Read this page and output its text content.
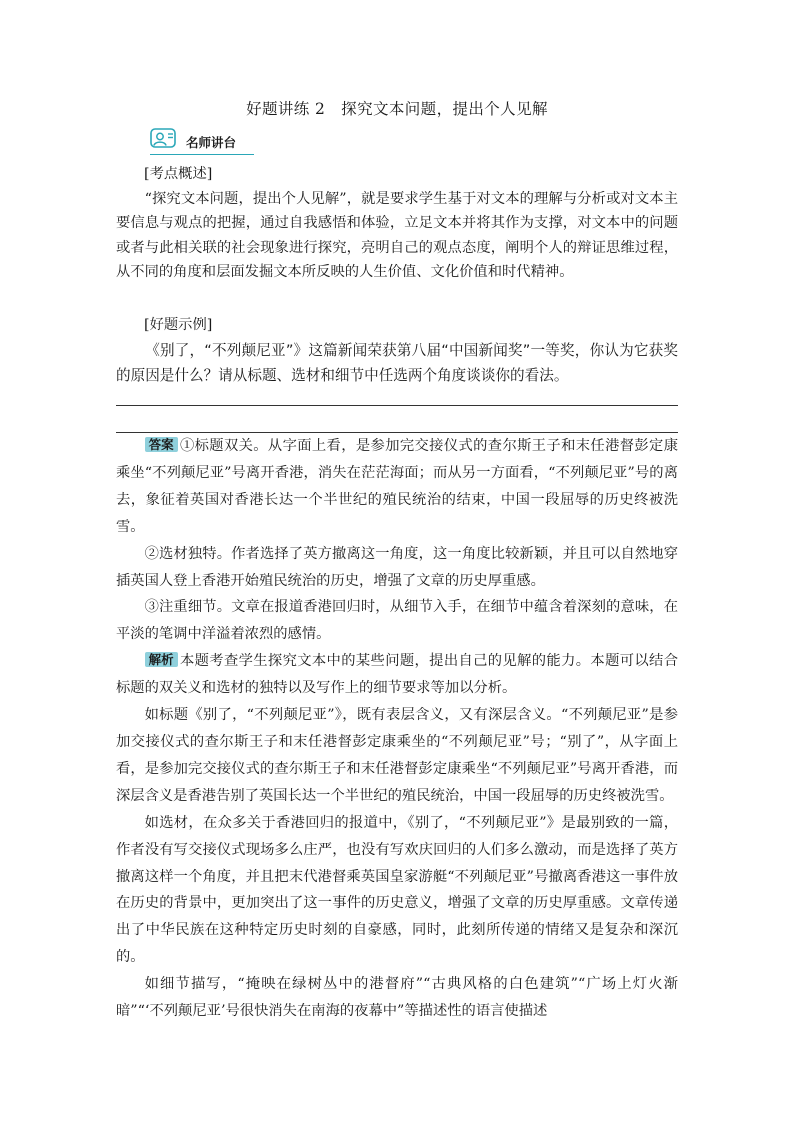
好题讲练 2　探究文本问题，提出个人见解
名师讲台

[考点概述]

“探究文本问题，提出个人见解”，就是要求学生基于对文本的理解与分析或对文本主要信息与观点的把握，通过自我感悟和体验，立足文本并将其作为支撑，对文本中的问题或者与此相关联的社会现象进行探究，亮明自己的观点态度，阐明个人的辩证思维过程，从不同的角度和层面发掘文本所反映的人生价值、文化价值和时代精神。

[好题示例]

《别了，“不列颠尼亚”》这篇新闻荣获第八届“中国新闻奖”一等奖，你认为它获奖的原因是什么？请从标题、选材和细节中任选两个角度谈谈你的看法。

答案 ①标题双关。从字面上看，是参加完交接仪式的查尔斯王子和末任港督彭定康乘坐“不列颠尼亚”号离开香港，消失在茫茫海面；而从另一方面看，“不列颠尼亚”号的离去，象征着英国对香港长达一个半世纪的殖民统治的结束，中国一段屈辱的历史终被洗雪。

②选材独特。作者选择了英方撤离这一角度，这一角度比较新颖，并且可以自然地穿插英国人登上香港开始殖民统治的历史，增强了文章的历史厚重感。

③注重细节。文章在报道香港回归时，从细节入手，在细节中蕴含着深刻的意味，在平淡的笔调中洋溢着浓烈的感情。

解析 本题考查学生探究文本中的某些问题，提出自己的见解的能力。本题可以结合标题的双关义和选材的独特以及写作上的细节要求等加以分析。

如标题《别了，“不列颠尼亚”》，既有表层含义，又有深层含义。“不列颠尼亚”是参加交接仪式的查尔斯王子和末任港督彭定康乘坐的“不列颠尼亚”号；“别了”，从字面上看，是参加完交接仪式的查尔斯王子和末任港督彭定康乘坐“不列颠尼亚”号离开香港，而深层含义是香港告别了英国长达一个半世纪的殖民统治，中国一段屈辱的历史终被洗雪。

如选材，在众多关于香港回归的报道中，《别了，“不列颠尼亚”》是最别致的一篇，作者没有写交接仪式现场多么庄严，也没有写欢庆回归的人们多么激动，而是选择了英方撤离这样一个角度，并且把末代港督乘英国皇家游艇“不列颠尼亚”号撤离香港这一事件放在历史的背景中，更加突出了这一事件的历史意义，增强了文章的历史厚重感。文章传递出了中华民族在这种特定历史时刻的自豪感，同时，此刻所传递的情绪又是复杂和深沉的。

如细节描写，“掩映在绿树丛中的港督府”“古典风格的白色建筑”“广场上灯火渐暗”“‘不列颠尼亚’号很快消失在南海的夜幕中”等描述性的语言使描述
